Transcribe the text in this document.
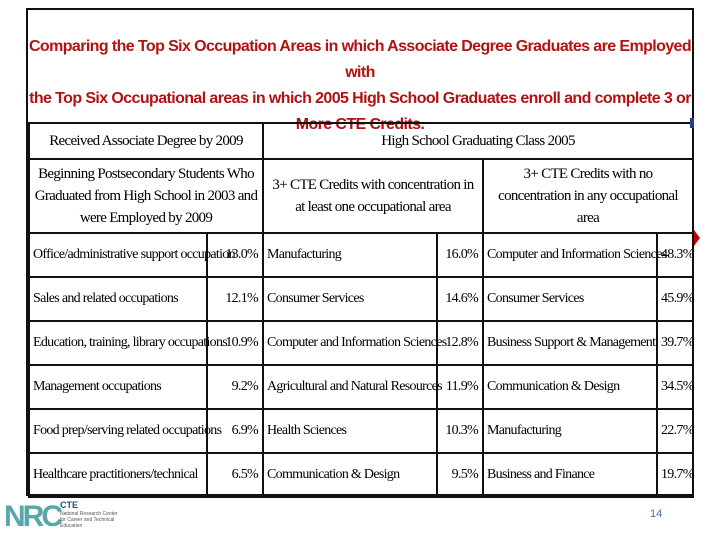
Comparing the Top Six Occupation Areas in which Associate Degree Graduates are Employed with
the Top Six Occupational areas in which 2005 High School Graduates enroll and complete 3 or More CTE Credits.
Received Associate Degree by 2009		High School Graduating Class 2005			
Beginning Postsecondary Students Who Graduated from High School in 2003 and were Employed by 2009		3+ CTE Credits with concentration in at least one occupational area		3+ CTE Credits with no concentration in any occupational area	
Office/administrative support occupation	13.0%	Manufacturing	16.0%	Computer and Information Sciences	48.3%
Sales and related occupations	12.1%	Consumer Services	14.6%	Consumer Services	45.9%
Education, training, library occupations	10.9%	Computer and Information Sciences	12.8%	Business Support & Management	39.7%
Management occupations	9.2%	Agricultural and Natural Resources	11.9%	Communication & Design	34.5%
Food prep/serving related occupations	6.9%	Health Sciences	10.3%	Manufacturing	22.7%
Healthcare practitioners/technical	6.5%	Communication & Design	9.5%	Business and Finance	19.7%
NRC CTE
National Research Center for Career and Technical Education
14
